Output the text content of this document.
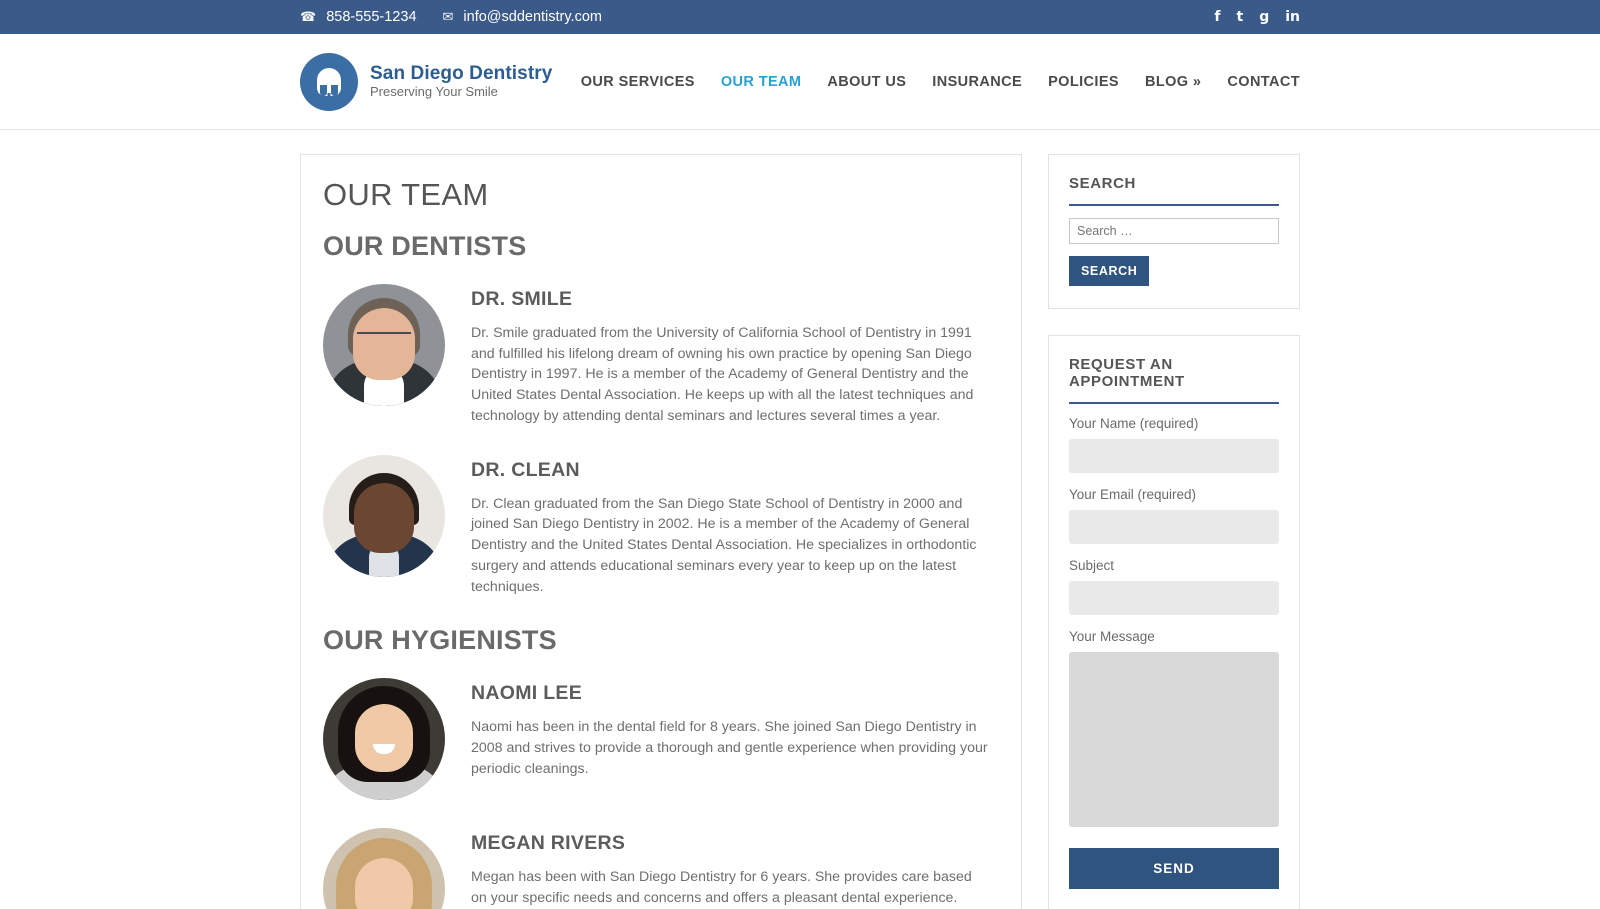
☎ 858-555-1234 ✉ info@sddentistry.com	f t g in
San Diego Dentistry
Preserving Your Smile
OUR SERVICES OUR TEAM ABOUT US INSURANCE POLICIES BLOG » CONTACT
OUR TEAM
OUR DENTISTS
DR. SMILE

Dr. Smile graduated from the University of California School of Dentistry in 1991 and fulfilled his lifelong dream of owning his own practice by opening San Diego Dentistry in 1997. He is a member of the Academy of General Dentistry and the United States Dental Association. He keeps up with all the latest techniques and technology by attending dental seminars and lectures several times a year.

DR. CLEAN

Dr. Clean graduated from the San Diego State School of Dentistry in 2000 and joined San Diego Dentistry in 2002. He is a member of the Academy of General Dentistry and the United States Dental Association. He specializes in orthodontic surgery and attends educational seminars every year to keep up on the latest techniques.

OUR HYGIENISTS
NAOMI LEE

Naomi has been in the dental field for 8 years. She joined San Diego Dentistry in 2008 and strives to provide a thorough and gentle experience when providing your periodic cleanings.

MEGAN RIVERS

Megan has been with San Diego Dentistry for 6 years. She provides care based on your specific needs and concerns and offers a pleasant dental experience.

SEARCH
Search … SEARCH
REQUEST AN APPOINTMENT
Your Name (required)
Your Email (required)
Subject
Your Message
SEND
